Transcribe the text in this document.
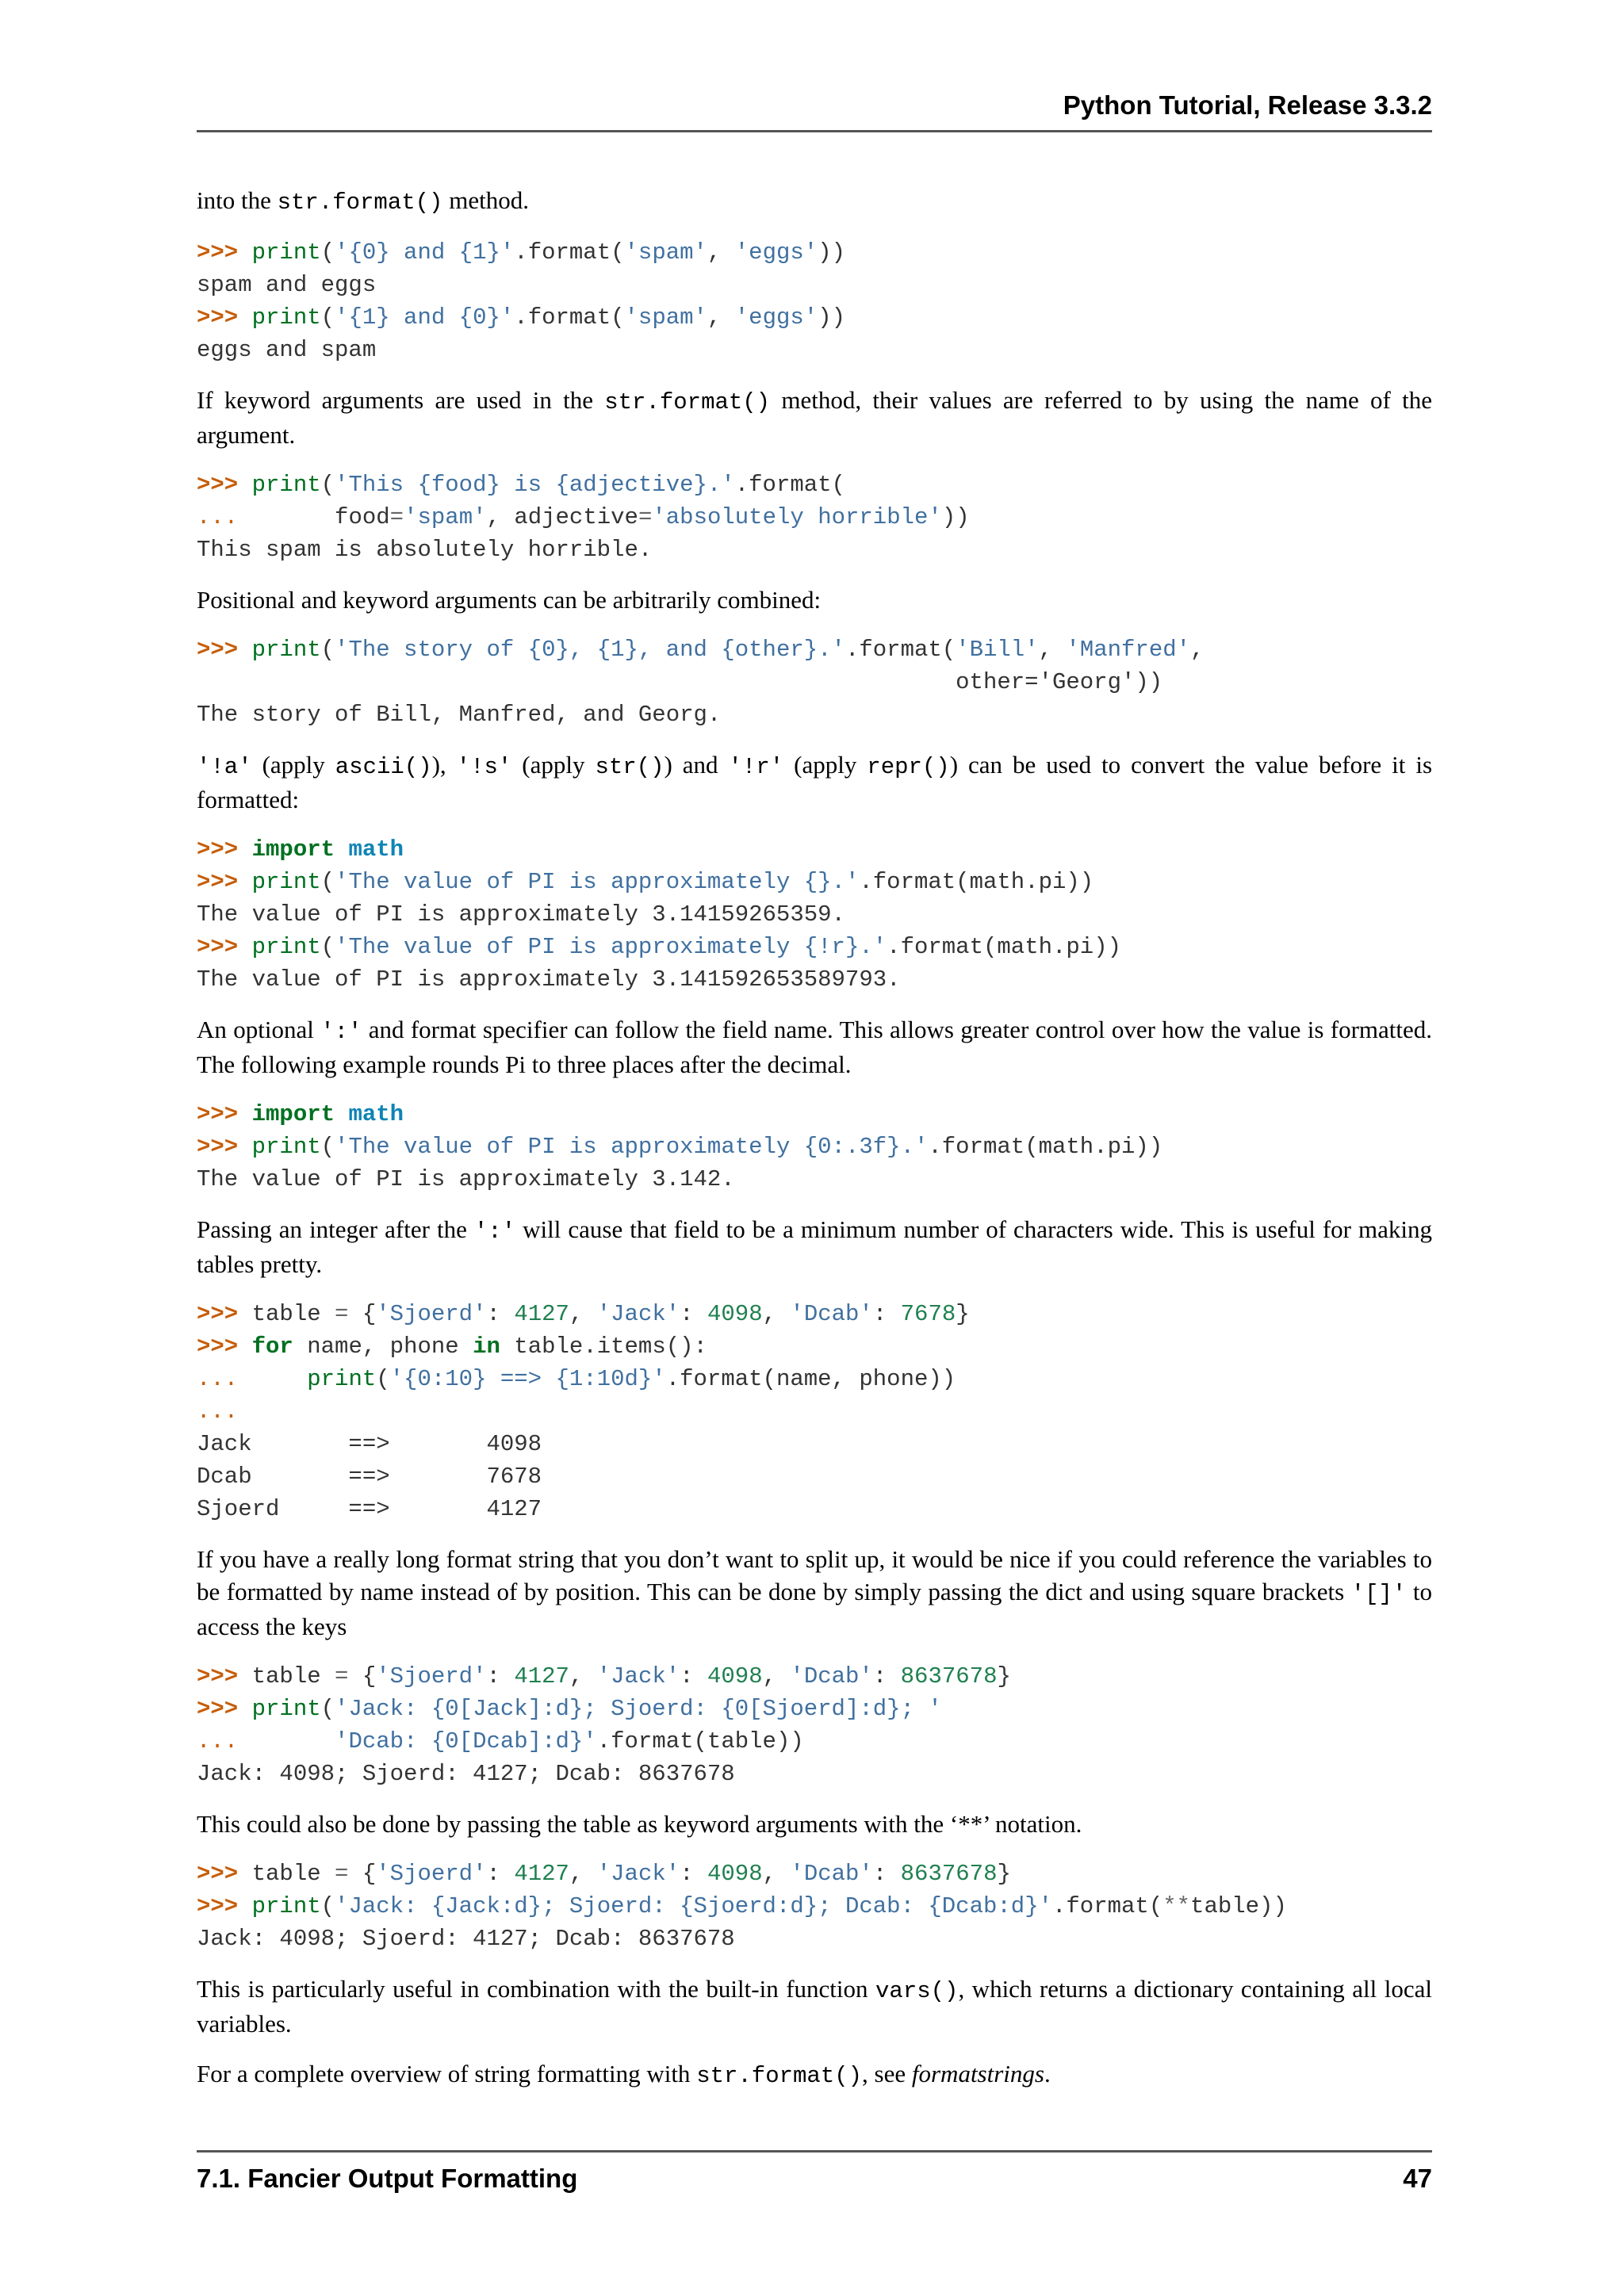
Python Tutorial, Release 3.3.2

into the str.format() method.

>>> print('{0} and {1}'.format('spam', 'eggs'))
spam and eggs
>>> print('{1} and {0}'.format('spam', 'eggs'))
eggs and spam

If keyword arguments are used in the str.format() method, their values are referred to by using the name of the argument.

>>> print('This {food} is {adjective}.'.format(
...	food='spam', adjective='absolutely horrible'))
This spam is absolutely horrible.

Positional and keyword arguments can be arbitrarily combined:

>>> print('The story of {0}, {1}, and {other}.'.format('Bill', 'Manfred',
other='Georg'))
The story of Bill, Manfred, and Georg.

'!a' (apply ascii()), '!s' (apply str()) and '!r' (apply repr()) can be used to convert the value before it is formatted:

>>> import math
>>> print('The value of PI is approximately {}.'.format(math.pi))
The value of PI is approximately 3.14159265359.
>>> print('The value of PI is approximately {!r}.'.format(math.pi))
The value of PI is approximately 3.141592653589793.

An optional ':' and format specifier can follow the field name. This allows greater control over how the value is formatted. The following example rounds Pi to three places after the decimal.

>>> import math
>>> print('The value of PI is approximately {0:.3f}.'.format(math.pi))
The value of PI is approximately 3.142.

Passing an integer after the ':' will cause that field to be a minimum number of characters wide. This is useful for making tables pretty.

>>> table = {'Sjoerd': 4127, 'Jack': 4098, 'Dcab': 7678}
>>> for name, phone in table.items():
...	print('{0:10} ==> {1:10d}'.format(name, phone))
...
Jack       ==>       4098
Dcab       ==>       7678
Sjoerd     ==>       4127

If you have a really long format string that you don’t want to split up, it would be nice if you could reference the variables to be formatted by name instead of by position. This can be done by simply passing the dict and using square brackets '[]' to access the keys

>>> table = {'Sjoerd': 4127, 'Jack': 4098, 'Dcab': 8637678}
>>> print('Jack: {0[Jack]:d}; Sjoerd: {0[Sjoerd]:d}; '
...	'Dcab: {0[Dcab]:d}'.format(table))
Jack: 4098; Sjoerd: 4127; Dcab: 8637678

This could also be done by passing the table as keyword arguments with the ‘**’ notation.

>>> table = {'Sjoerd': 4127, 'Jack': 4098, 'Dcab': 8637678}
>>> print('Jack: {Jack:d}; Sjoerd: {Sjoerd:d}; Dcab: {Dcab:d}'.format(**table))
Jack: 4098; Sjoerd: 4127; Dcab: 8637678

This is particularly useful in combination with the built-in function vars(), which returns a dictionary containing all local variables.

For a complete overview of string formatting with str.format(), see formatstrings.

7.1. Fancier Output Formatting	47
